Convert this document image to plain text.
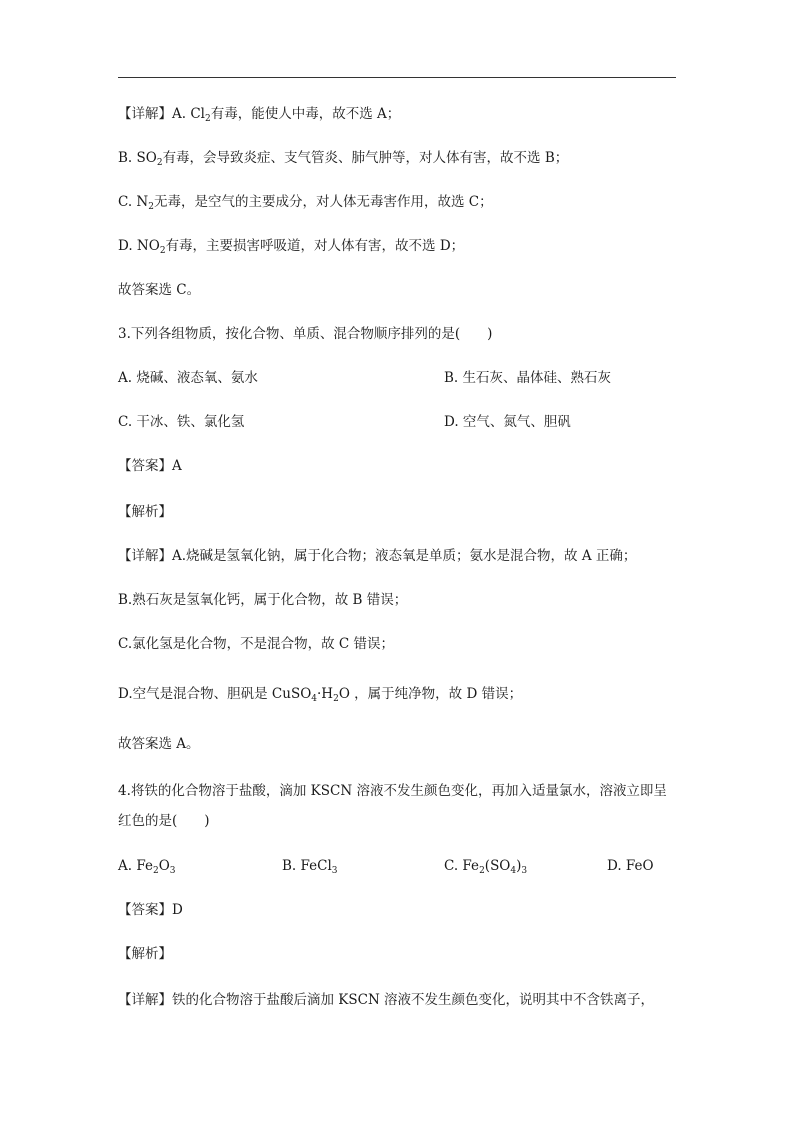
【详解】A. $Cl_2$有毒，能使人中毒，故不选 A；
B. $SO_2$有毒，会导致炎症、支气管炎、肺气肿等，对人体有害，故不选 B；
C. $N_2$无毒，是空气的主要成分，对人体无毒害作用，故选 C；
D. $NO_2$有毒，主要损害呼吸道，对人体有害，故不选 D；
故答案选 C。
3.下列各组物质，按化合物、单质、混合物顺序排列的是(　　)
A. 烧碱、液态氧、氨水	B. 生石灰、晶体硅、熟石灰
C. 干冰、铁、氯化氢	D. 空气、氮气、胆矾
【答案】A
【解析】
【详解】A.烧碱是氢氧化钠，属于化合物；液态氧是单质；氨水是混合物，故 A 正确；
B.熟石灰是氢氧化钙，属于化合物，故 B 错误；
C.氯化氢是化合物，不是混合物，故 C 错误；
D.空气是混合物、胆矾是 $CuSO_4\cdot H_2O$ ，属于纯净物，故 D 错误；
故答案选 A。
4.将铁的化合物溶于盐酸，滴加 KSCN 溶液不发生颜色变化，再加入适量氯水，溶液立即呈红色的是(　　)
A. $Fe_2O_3$	B. FeCl$_3$	C. $Fe_2(SO_4)_3$	D. FeO
【答案】D
【解析】
【详解】铁的化合物溶于盐酸后滴加 KSCN 溶液不发生颜色变化，说明其中不含铁离子，
